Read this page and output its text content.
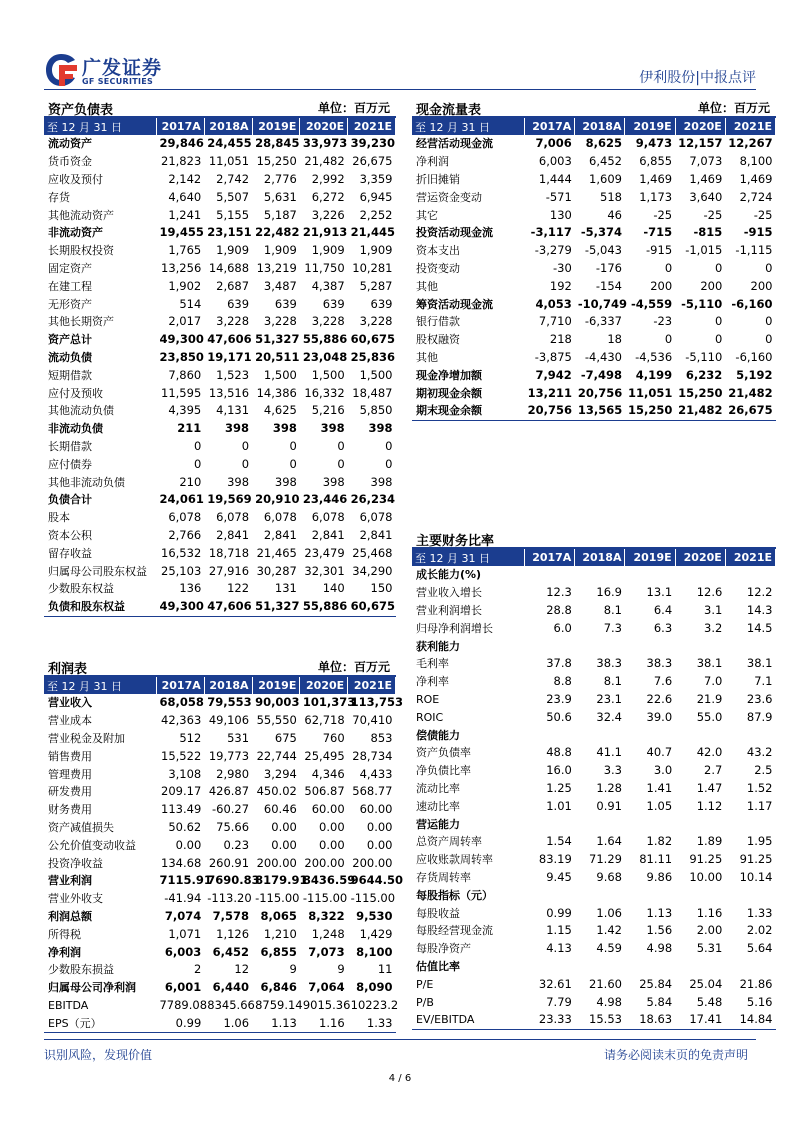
广发证券
GF SECURITIES	伊利股份|中报点评
资产负债表	单位：百万元
至 12 月 31 日	2017A	2018A	2019E	2020E	2021E
流动资产	29,846	24,455	28,845	33,973	39,230
货币资金	21,823	11,051	15,250	21,482	26,675
应收及预付	2,142	2,742	2,776	2,992	3,359
存货	4,640	5,507	5,631	6,272	6,945
其他流动资产	1,241	5,155	5,187	3,226	2,252
非流动资产	19,455	23,151	22,482	21,913	21,445
长期股权投资	1,765	1,909	1,909	1,909	1,909
固定资产	13,256	14,688	13,219	11,750	10,281
在建工程	1,902	2,687	3,487	4,387	5,287
无形资产	514	639	639	639	639
其他长期资产	2,017	3,228	3,228	3,228	3,228
资产总计	49,300	47,606	51,327	55,886	60,675
流动负债	23,850	19,171	20,511	23,048	25,836
短期借款	7,860	1,523	1,500	1,500	1,500
应付及预收	11,595	13,516	14,386	16,332	18,487
其他流动负债	4,395	4,131	4,625	5,216	5,850
非流动负债	211	398	398	398	398
长期借款	0	0	0	0	0
应付债券	0	0	0	0	0
其他非流动负债	210	398	398	398	398
负债合计	24,061	19,569	20,910	23,446	26,234
股本	6,078	6,078	6,078	6,078	6,078
资本公积	2,766	2,841	2,841	2,841	2,841
留存收益	16,532	18,718	21,465	23,479	25,468
归属母公司股东权益	25,103	27,916	30,287	32,301	34,290
少数股东权益	136	122	131	140	150
负债和股东权益	49,300	47,606	51,327	55,886	60,675
现金流量表	单位：百万元
至 12 月 31 日	2017A	2018A	2019E	2020E	2021E
经营活动现金流	7,006	8,625	9,473	12,157	12,267
净利润	6,003	6,452	6,855	7,073	8,100
折旧摊销	1,444	1,609	1,469	1,469	1,469
营运资金变动	-571	518	1,173	3,640	2,724
其它	130	46	-25	-25	-25
投资活动现金流	-3,117	-5,374	-715	-815	-915
资本支出	-3,279	-5,043	-915	-1,015	-1,115
投资变动	-30	-176	0	0	0
其他	192	-154	200	200	200
筹资活动现金流	4,053	-10,749	-4,559	-5,110	-6,160
银行借款	7,710	-6,337	-23	0	0
股权融资	218	18	0	0	0
其他	-3,875	-4,430	-4,536	-5,110	-6,160
现金净增加额	7,942	-7,498	4,199	6,232	5,192
期初现金余额	13,211	20,756	11,051	15,250	21,482
期末现金余额	20,756	13,565	15,250	21,482	26,675
利润表	单位：百万元
至 12 月 31 日	2017A	2018A	2019E	2020E	2021E
营业收入	68,058	79,553	90,003	101,373	113,753
营业成本	42,363	49,106	55,550	62,718	70,410
营业税金及附加	512	531	675	760	853
销售费用	15,522	19,773	22,744	25,495	28,734
管理费用	3,108	2,980	3,294	4,346	4,433
研发费用	209.17	426.87	450.02	506.87	568.77
财务费用	113.49	-60.27	60.46	60.00	60.00
资产减值损失	50.62	75.66	0.00	0.00	0.00
公允价值变动收益	0.00	0.23	0.00	0.00	0.00
投资净收益	134.68	260.91	200.00	200.00	200.00
营业利润	7115.91	7690.83	8179.91	8436.59	9644.50
营业外收支	-41.94	-113.20	-115.00	-115.00	-115.00
利润总额	7,074	7,578	8,065	8,322	9,530
所得税	1,071	1,126	1,210	1,248	1,429
净利润	6,003	6,452	6,855	7,073	8,100
少数股东损益	2	12	9	9	11
归属母公司净利润	6,001	6,440	6,846	7,064	8,090
EBITDA	7789.08	8345.66	8759.14	9015.36	10223.2
EPS（元）	0.99	1.06	1.13	1.16	1.33
主要财务比率
至 12 月 31 日	2017A	2018A	2019E	2020E	2021E
成长能力(%)					
营业收入增长	12.3	16.9	13.1	12.6	12.2
营业利润增长	28.8	8.1	6.4	3.1	14.3
归母净利润增长	6.0	7.3	6.3	3.2	14.5
获利能力					
毛利率	37.8	38.3	38.3	38.1	38.1
净利率	8.8	8.1	7.6	7.0	7.1
ROE	23.9	23.1	22.6	21.9	23.6
ROIC	50.6	32.4	39.0	55.0	87.9
偿债能力					
资产负债率	48.8	41.1	40.7	42.0	43.2
净负债比率	16.0	3.3	3.0	2.7	2.5
流动比率	1.25	1.28	1.41	1.47	1.52
速动比率	1.01	0.91	1.05	1.12	1.17
营运能力					
总资产周转率	1.54	1.64	1.82	1.89	1.95
应收账款周转率	83.19	71.29	81.11	91.25	91.25
存货周转率	9.45	9.68	9.86	10.00	10.14
每股指标（元）					
每股收益	0.99	1.06	1.13	1.16	1.33
每股经营现金流	1.15	1.42	1.56	2.00	2.02
每股净资产	4.13	4.59	4.98	5.31	5.64
估值比率					
P/E	32.61	21.60	25.84	25.04	21.86
P/B	7.79	4.98	5.84	5.48	5.16
EV/EBITDA	23.33	15.53	18.63	17.41	14.84
识别风险，发现价值	请务必阅读末页的免责声明
4 / 6
